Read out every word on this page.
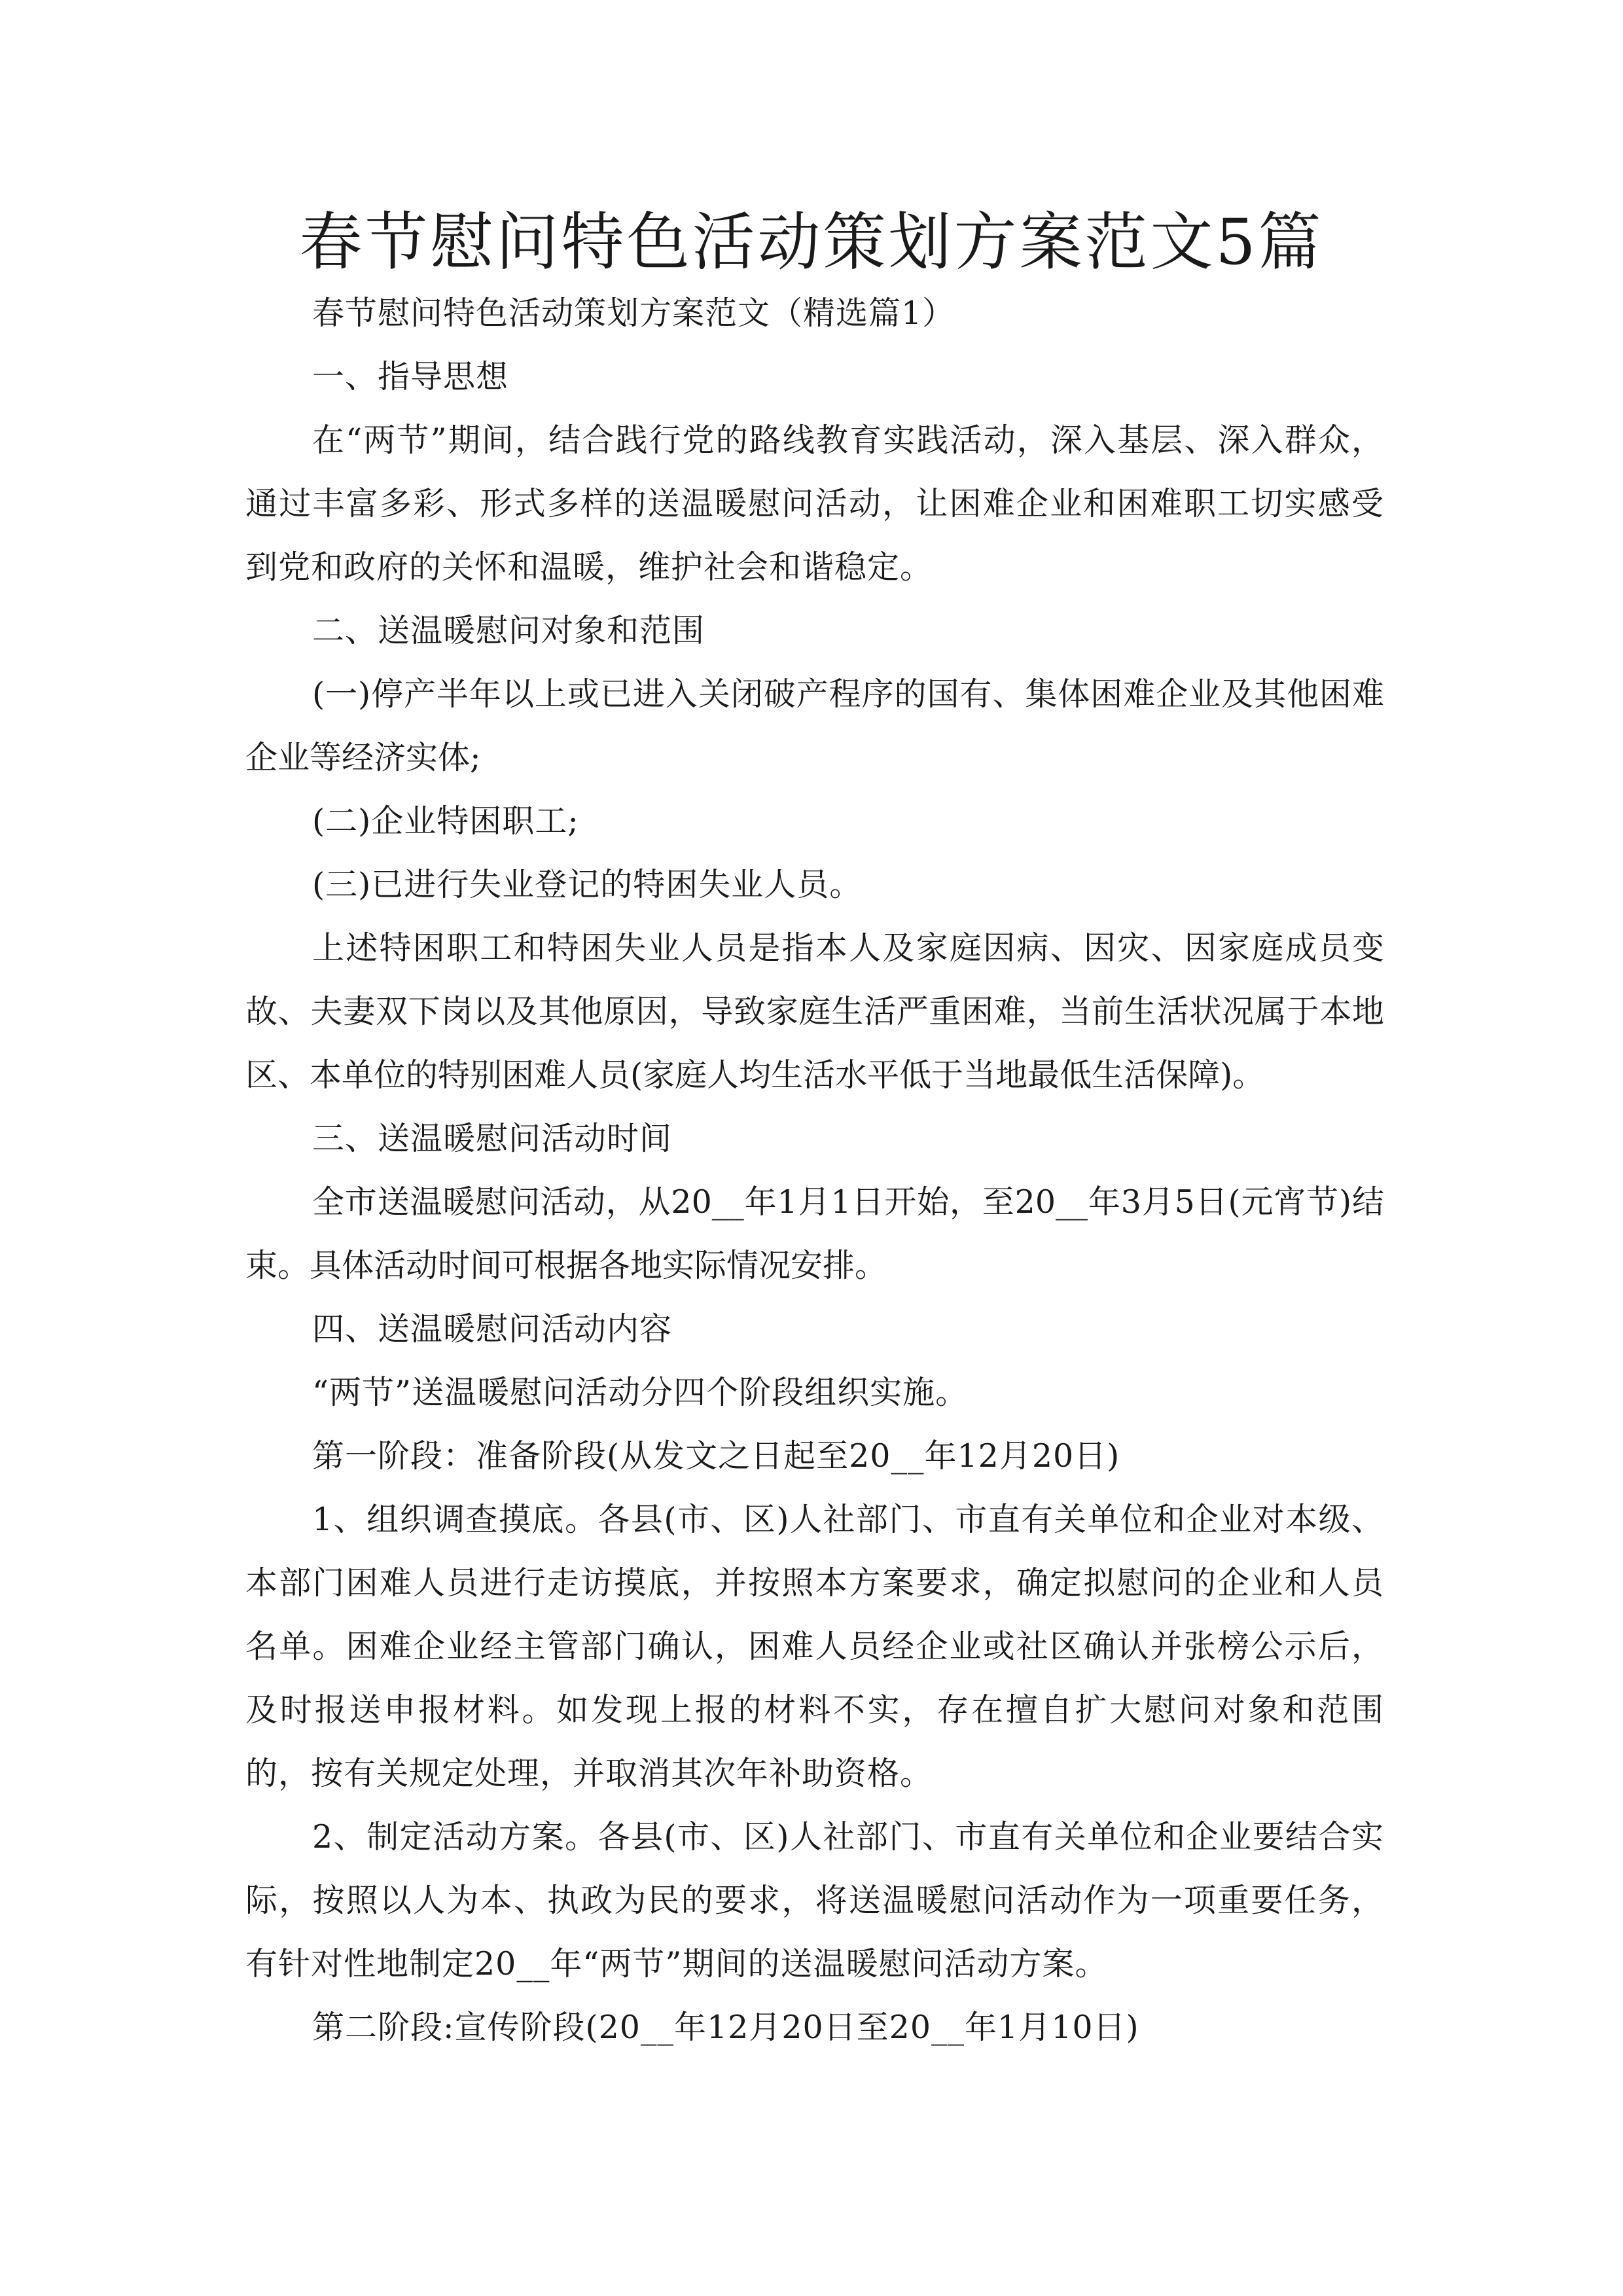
春节慰问特色活动策划方案范文5篇

春节慰问特色活动策划方案范文（精选篇1）

一、指导思想

在“两节”期间，结合践行党的路线教育实践活动，深入基层、深入群众，通过丰富多彩、形式多样的送温暖慰问活动，让困难企业和困难职工切实感受到党和政府的关怀和温暖，维护社会和谐稳定。

二、送温暖慰问对象和范围

(一)停产半年以上或已进入关闭破产程序的国有、集体困难企业及其他困难企业等经济实体;

(二)企业特困职工;

(三)已进行失业登记的特困失业人员。

上述特困职工和特困失业人员是指本人及家庭因病、因灾、因家庭成员变故、夫妻双下岗以及其他原因，导致家庭生活严重困难，当前生活状况属于本地区、本单位的特别困难人员(家庭人均生活水平低于当地最低生活保障)。

三、送温暖慰问活动时间

全市送温暖慰问活动，从20__年1月1日开始，至20__年3月5日(元宵节)结束。具体活动时间可根据各地实际情况安排。

四、送温暖慰问活动内容

“两节”送温暖慰问活动分四个阶段组织实施。

第一阶段：准备阶段(从发文之日起至20__年12月20日)

1、组织调查摸底。各县(市、区)人社部门、市直有关单位和企业对本级、本部门困难人员进行走访摸底，并按照本方案要求，确定拟慰问的企业和人员名单。困难企业经主管部门确认，困难人员经企业或社区确认并张榜公示后，及时报送申报材料。如发现上报的材料不实，存在擅自扩大慰问对象和范围的，按有关规定处理，并取消其次年补助资格。

2、制定活动方案。各县(市、区)人社部门、市直有关单位和企业要结合实际，按照以人为本、执政为民的要求，将送温暖慰问活动作为一项重要任务，有针对性地制定20__年“两节”期间的送温暖慰问活动方案。

第二阶段:宣传阶段(20__年12月20日至20__年1月10日)
